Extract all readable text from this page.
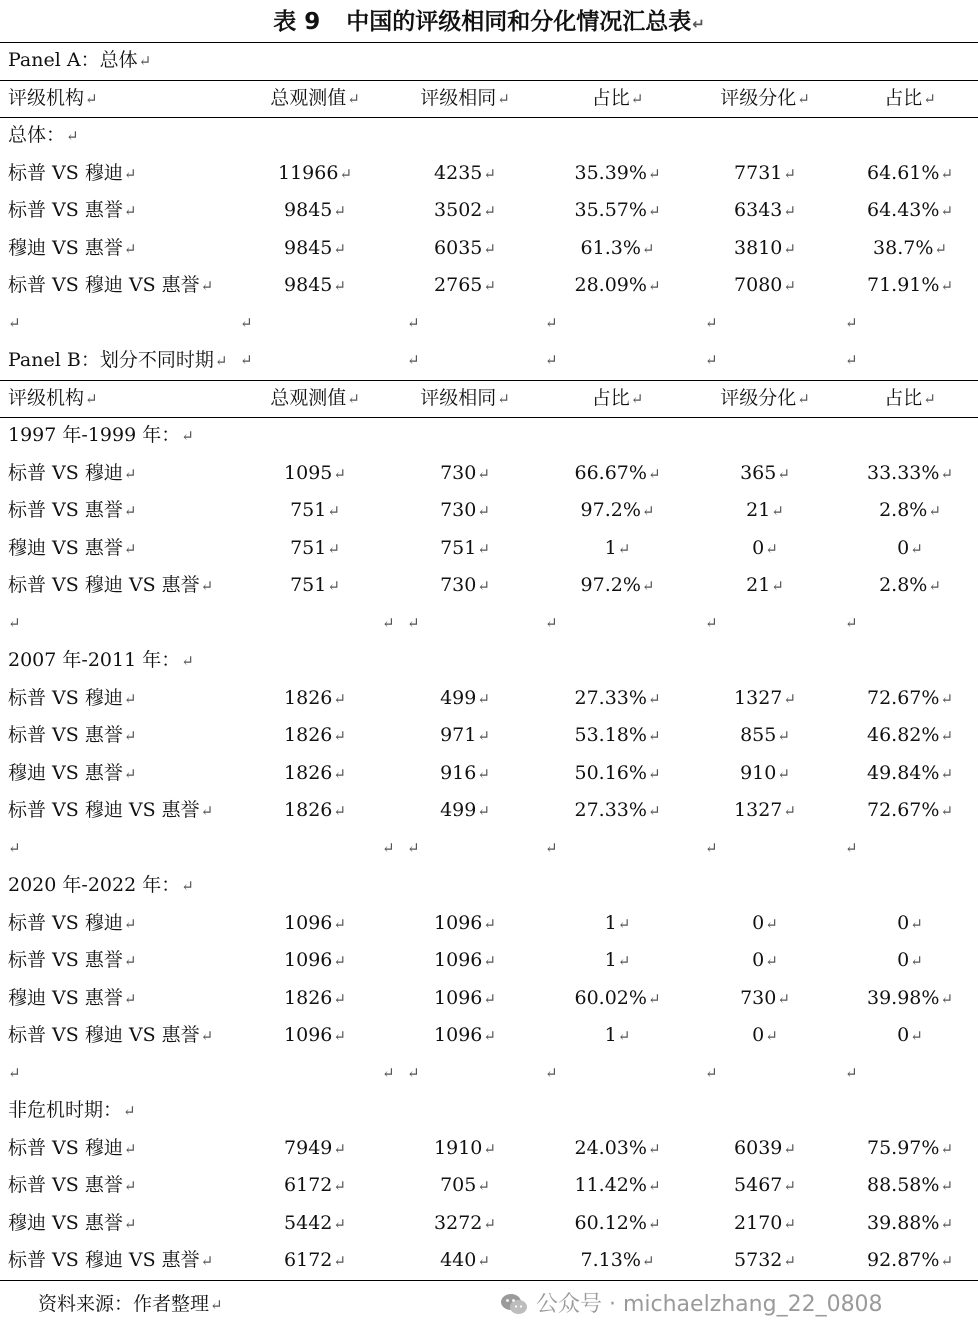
表 9 中国的评级相同和分化情况汇总表↵
Panel A：总体↵
评级机构↵	总观测值↵	评级相同↵	占比↵	评级分化↵	占比↵
总体：↵
标普 VS 穆迪↵	11966↵	4235↵	35.39%↵	7731↵	64.61%↵
标普 VS 惠誉↵	9845↵	3502↵	35.57%↵	6343↵	64.43%↵
穆迪 VS 惠誉↵	9845↵	6035↵	61.3%↵	3810↵	38.7%↵
标普 VS 穆迪 VS 惠誉↵	9845↵	2765↵	28.09%↵	7080↵	71.91%↵
↵	↵	↵	↵	↵	↵
↵	↵	↵	↵	↵
Panel B：划分不同时期↵
评级机构↵	总观测值↵	评级相同↵	占比↵	评级分化↵	占比↵
1997 年-1999 年：↵
标普 VS 穆迪↵	1095↵	730↵	66.67%↵	365↵	33.33%↵
标普 VS 惠誉↵	751↵	730↵	97.2%↵	21↵	2.8%↵
穆迪 VS 惠誉↵	751↵	751↵	1↵	0↵	0↵
标普 VS 穆迪 VS 惠誉↵	751↵	730↵	97.2%↵	21↵	2.8%↵
↵	↵ ↵	↵	↵	↵
2007 年-2011 年：↵
标普 VS 穆迪↵	1826↵	499↵	27.33%↵	1327↵	72.67%↵
标普 VS 惠誉↵	1826↵	971↵	53.18%↵	855↵	46.82%↵
穆迪 VS 惠誉↵	1826↵	916↵	50.16%↵	910↵	49.84%↵
标普 VS 穆迪 VS 惠誉↵	1826↵	499↵	27.33%↵	1327↵	72.67%↵
↵	↵ ↵	↵	↵	↵
2020 年-2022 年：↵
标普 VS 穆迪↵	1096↵	1096↵	1↵	0↵	0↵
标普 VS 惠誉↵	1096↵	1096↵	1↵	0↵	0↵
穆迪 VS 惠誉↵	1826↵	1096↵	60.02%↵	730↵	39.98%↵
标普 VS 穆迪 VS 惠誉↵	1096↵	1096↵	1↵	0↵	0↵
↵	↵ ↵	↵	↵	↵
非危机时期：↵
标普 VS 穆迪↵	7949↵	1910↵	24.03%↵	6039↵	75.97%↵
标普 VS 惠誉↵	6172↵	705↵	11.42%↵	5467↵	88.58%↵
穆迪 VS 惠誉↵	5442↵	3272↵	60.12%↵	2170↵	39.88%↵
标普 VS 穆迪 VS 惠誉↵	6172↵	440↵	7.13%↵	5732↵	92.87%↵
资料来源：作者整理↵	公众号 · michaelzhang_22_0808
